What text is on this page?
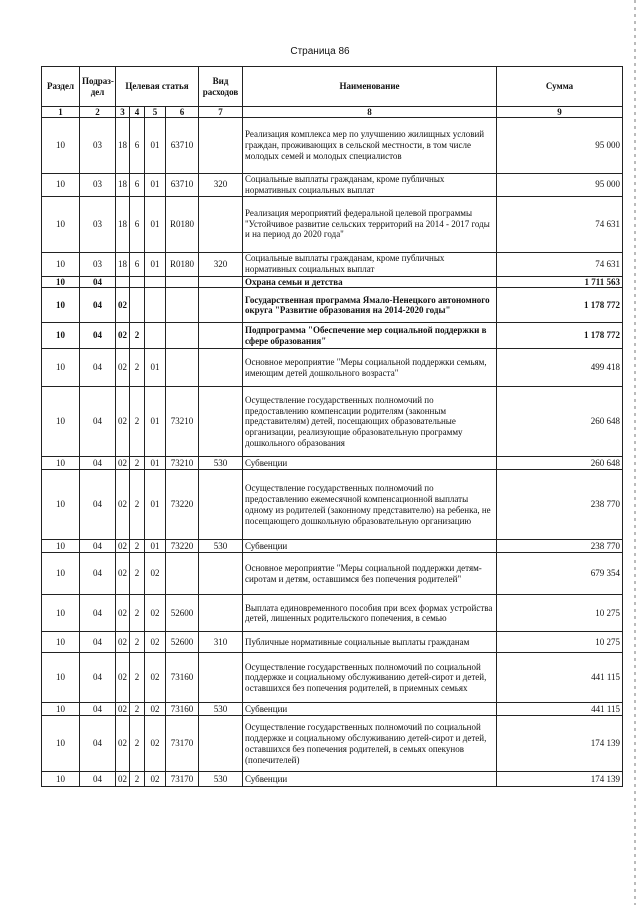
Страница 86
Раздел	Подраз-дел	Целевая статья				Вид расходов	Наименование	Сумма
1	2	3	4	5	6	7	8	9
10	03	18	6	01	63710		Реализация комплекса мер по улучшению жилищных условий граждан, проживающих в сельской местности, в том числе молодых семей и молодых специалистов	95 000
10	03	18	6	01	63710	320	Социальные выплаты гражданам, кроме публичных нормативных социальных выплат	95 000
10	03	18	6	01	R0180		Реализация мероприятий федеральной целевой программы "Устойчивое развитие сельских территорий на 2014 - 2017 годы и на период до 2020 года"	74 631
10	03	18	6	01	R0180	320	Социальные выплаты гражданам, кроме публичных нормативных социальных выплат	74 631
10	04						Охрана семьи и детства	1 711 563
10	04	02					Государственная программа Ямало-Ненецкого автономного округа "Развитие образования на 2014-2020 годы"	1 178 772
10	04	02	2				Подпрограмма "Обеспечение мер социальной поддержки в сфере образования"	1 178 772
10	04	02	2	01			Основное мероприятие "Меры социальной поддержки семьям, имеющим детей дошкольного возраста"	499 418
10	04	02	2	01	73210		Осуществление государственных полномочий по предоставлению компенсации родителям (законным представителям) детей, посещающих образовательные организации, реализующие образовательную программу дошкольного образования	260 648
10	04	02	2	01	73210	530	Субвенции	260 648
10	04	02	2	01	73220		Осуществление государственных полномочий по предоставлению ежемесячной компенсационной выплаты одному из родителей (законному представителю) на ребенка, не посещающего дошкольную образовательную организацию	238 770
10	04	02	2	01	73220	530	Субвенции	238 770
10	04	02	2	02			Основное мероприятие "Меры социальной поддержки детям-сиротам и детям, оставшимся без попечения родителей"	679 354
10	04	02	2	02	52600		Выплата единовременного пособия при всех формах устройства детей, лишенных родительского попечения, в семью	10 275
10	04	02	2	02	52600	310	Публичные нормативные социальные выплаты гражданам	10 275
10	04	02	2	02	73160		Осуществление государственных полномочий по социальной поддержке и социальному обслуживанию детей-сирот и детей, оставшихся без попечения родителей, в приемных семьях	441 115
10	04	02	2	02	73160	530	Субвенции	441 115
10	04	02	2	02	73170		Осуществление государственных полномочий по социальной поддержке и социальному обслуживанию детей-сирот и детей, оставшихся без попечения родителей, в семьях опекунов (попечителей)	174 139
10	04	02	2	02	73170	530	Субвенции	174 139
